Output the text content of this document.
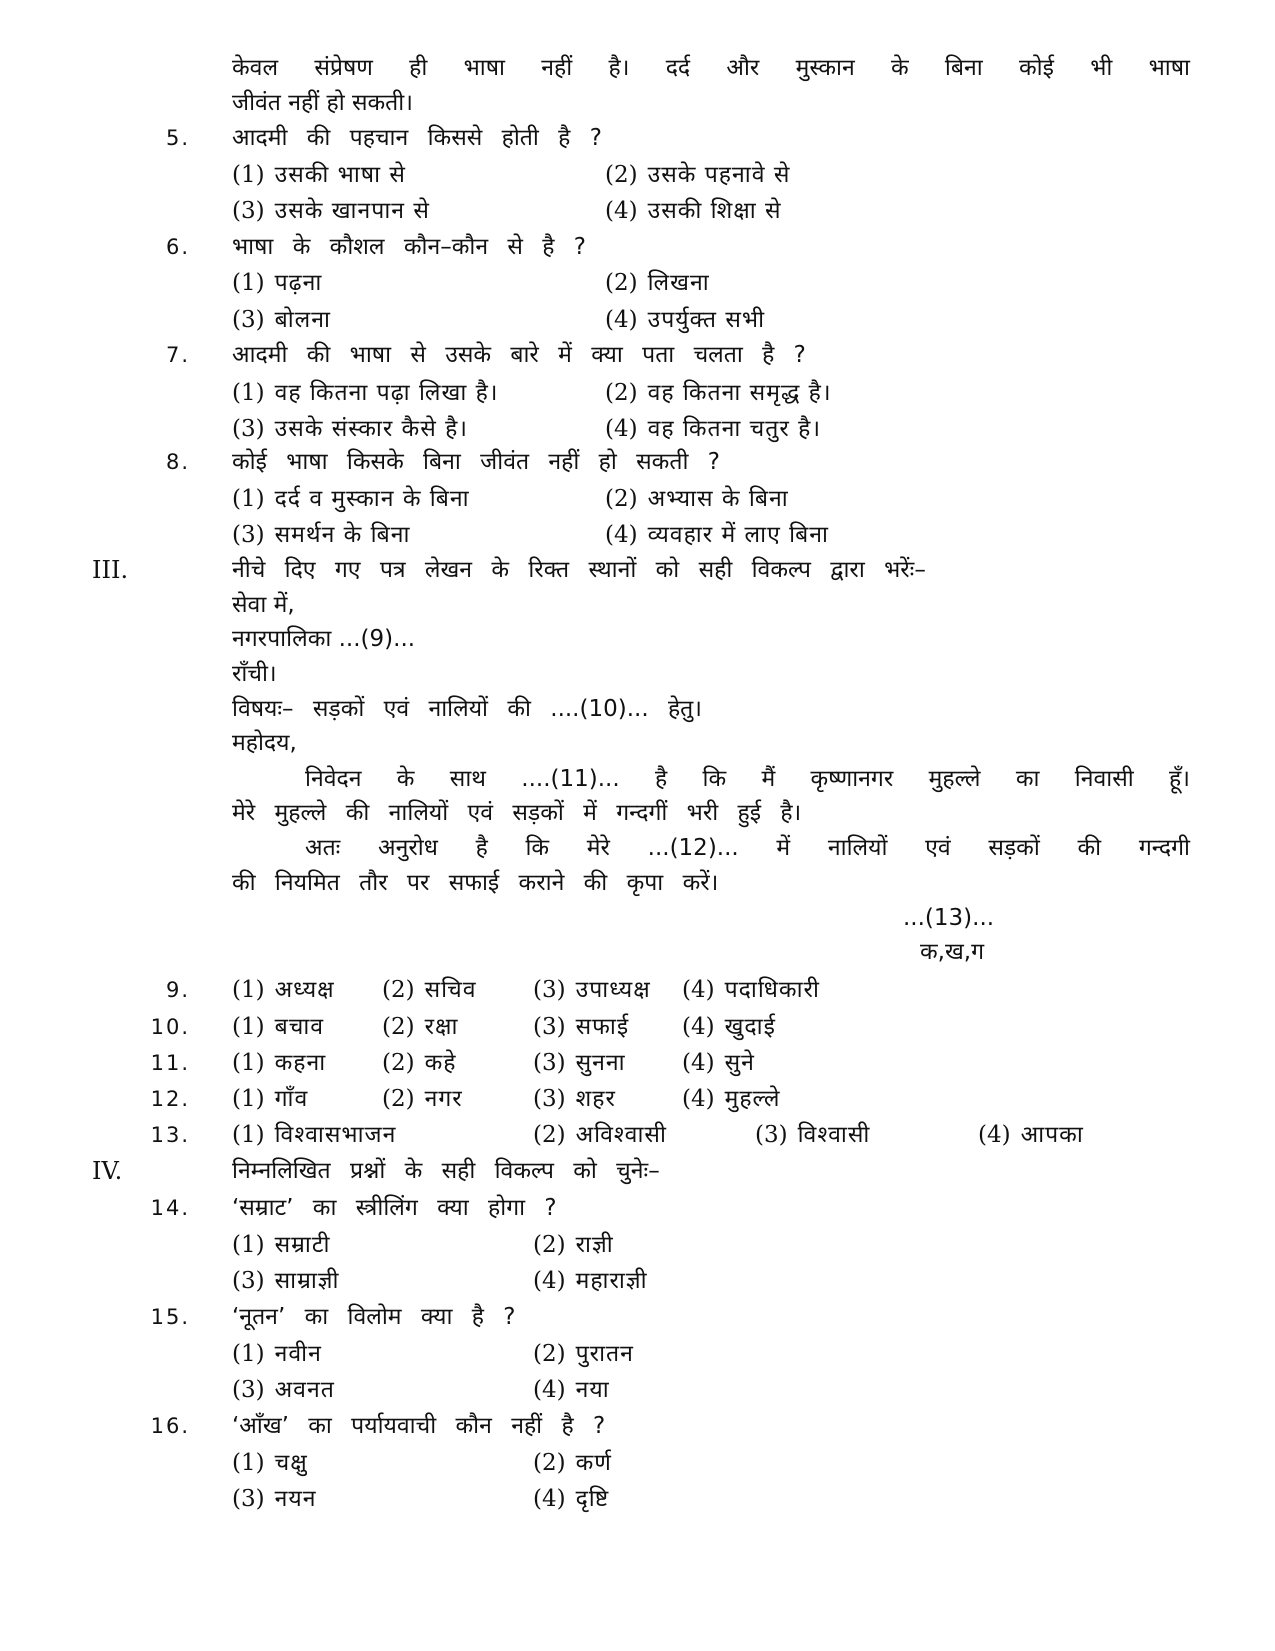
केवल संप्रेषण ही भाषा नहीं है। दर्द और मुस्कान के बिना कोई भी भाषा
जीवंत नहीं हो सकती।
5. आदमी की पहचान किससे होती है ?
(1) उसकी भाषा से	(2) उसके पहनावे से
(3) उसके खानपान से	(4) उसकी शिक्षा से
6. भाषा के कौशल कौन–कौन से है ?
(1) पढ़ना	(2) लिखना
(3) बोलना	(4) उपर्युक्त सभी
7. आदमी की भाषा से उसके बारे में क्या पता चलता है ?
(1) वह कितना पढ़ा लिखा है।	(2) वह कितना समृद्ध है।
(3) उसके संस्कार कैसे है।	(4) वह कितना चतुर है।
8. कोई भाषा किसके बिना जीवंत नहीं हो सकती ?
(1) दर्द व मुस्कान के बिना	(2) अभ्यास के बिना
(3) समर्थन के बिना	(4) व्यवहार में लाए बिना
III.	नीचे दिए गए पत्र लेखन के रिक्त स्थानों को सही विकल्प द्वारा भरेंः–
सेवा में,
नगरपालिका ...(9)...
राँची।
विषयः– सड़कों एवं नालियों की ....(10)... हेतु।
महोदय,
निवेदन के साथ ....(11)... है कि मैं कृष्णानगर मुहल्ले का निवासी हूँ।
मेरे मुहल्ले की नालियों एवं सड़कों में गन्दगीं भरी हुई है।
अतः अनुरोध है कि मेरे ...(12)... में नालियों एवं सड़कों की गन्दगी
की नियमित तौर पर सफाई कराने की कृपा करें।
...(13)...
क,ख,ग
9. (1) अध्यक्ष (2) सचिव (3) उपाध्यक्ष (4) पदाधिकारी
10. (1) बचाव	(2) रक्षा	(3) सफाई (4) खुदाई
11. (1) कहना (2) कहे	(3) सुनना (4) सुने
12. (1) गाँव	(2) नगर	(3) शहर	(4) मुहल्ले
13. (1) विश्वासभाजन	(2) अविश्वासी	(3) विश्वासी	(4) आपका
IV.	निम्नलिखित प्रश्नों के सही विकल्प को चुनेः–
14. ‘सम्राट’ का स्त्रीलिंग क्या होगा ?
(1) सम्राटी	(2) राज्ञी
(3) साम्राज्ञी	(4) महाराज्ञी
15. ‘नूतन’ का विलोम क्या है ?
(1) नवीन	(2) पुरातन
(3) अवनत	(4) नया
16. ‘आँख’ का पर्यायवाची कौन नहीं है ?
(1) चक्षु	(2) कर्ण
(3) नयन	(4) दृष्टि
